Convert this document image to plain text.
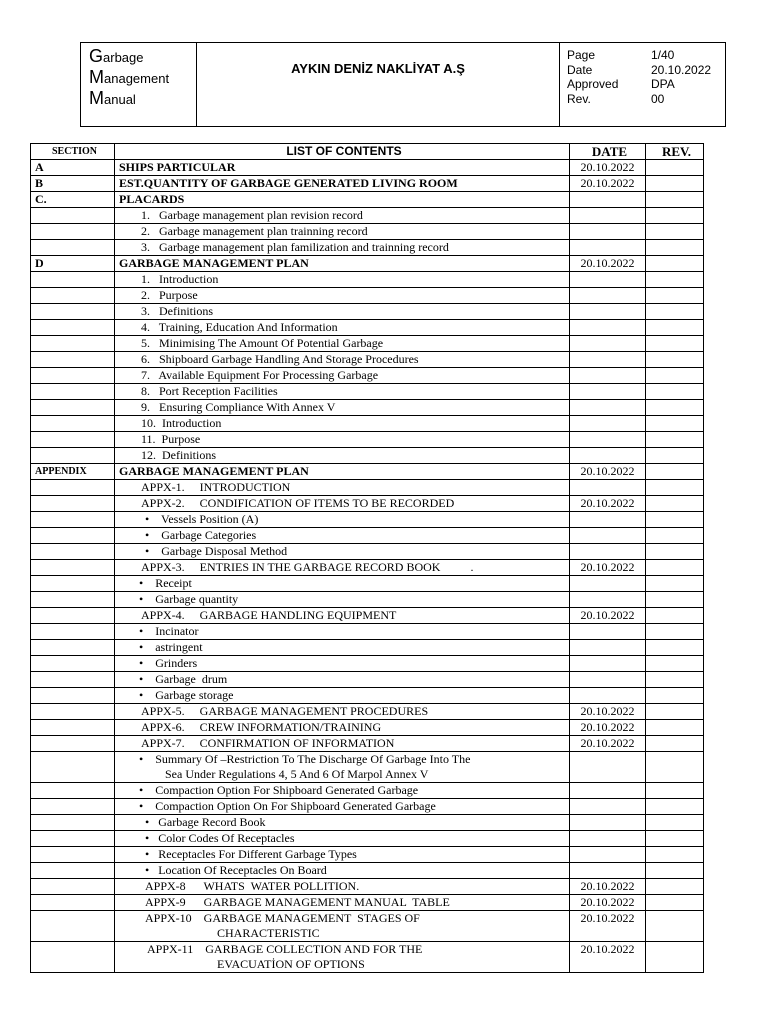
Garbage
Management
Manual
AYKIN DENİZ NAKLİYAT A.Ş
Page	1/40
Date	20.10.2022
Approved	DPA
Rev.	00
SECTION	LIST OF CONTENTS	DATE	REV.
A	SHIPS PARTICULAR	20.10.2022	
B	EST.QUANTITY OF GARBAGE GENERATED LIVING ROOM	20.10.2022	
C.	PLACARDS		

	1.   Garbage management plan revision record		

	2.   Garbage management plan trainning record		

	3.   Garbage management plan familization and trainning record		

D	GARBAGE MANAGEMENT PLAN	20.10.2022	

	1.   Introduction		

	2.   Purpose		

	3.   Definitions		

	4.   Training, Education And Information		

	5.   Minimising The Amount Of Potential Garbage		

	6.   Shipboard Garbage Handling And Storage Procedures		

	7.   Available Equipment For Processing Garbage		

	8.   Port Reception Facilities		

	9.   Ensuring Compliance With Annex V		

	10.  Introduction		

	11.  Purpose		

	12.  Definitions		

APPENDIX	GARBAGE MANAGEMENT PLAN	20.10.2022	

	APPX-1.     INTRODUCTION		

	APPX-2.     CONDIFICATION OF ITEMS TO BE RECORDED	20.10.2022	

	•    Vessels Position (A)		

	•    Garbage Categories		

	•    Garbage Disposal Method		

	APPX-3.     ENTRIES IN THE GARBAGE RECORD BOOK          .	20.10.2022	

	•    Receipt		

	•    Garbage quantity		

	APPX-4.     GARBAGE HANDLING EQUIPMENT	20.10.2022	

	•    Incinator		

	•    astringent		

	•    Grinders		

	•    Garbage  drum		

	•    Garbage storage		

	APPX-5.     GARBAGE MANAGEMENT PROCEDURES	20.10.2022	

	APPX-6.     CREW INFORMATION/TRAINING	20.10.2022	

	APPX-7.     CONFIRMATION OF INFORMATION	20.10.2022	

	•    Summary Of –Restriction To The Discharge Of Garbage Into The
Sea Under Regulations 4, 5 And 6 Of Marpol Annex V		

	•    Compaction Option For Shipboard Generated Garbage		

	•    Compaction Option On For Shipboard Generated Garbage		

	•   Garbage Record Book		

	•   Color Codes Of Receptacles		

	•   Receptacles For Different Garbage Types		

	•   Location Of Receptacles On Board		

	APPX-8      WHATS  WATER POLLITION.	20.10.2022	

	APPX-9      GARBAGE MANAGEMENT MANUAL  TABLE	20.10.2022	

	APPX-10    GARBAGE MANAGEMENT  STAGES OF
CHARACTERISTIC	20.10.2022	

	APPX-11    GARBAGE COLLECTION AND FOR THE
EVACUATİON OF OPTIONS	20.10.2022	
